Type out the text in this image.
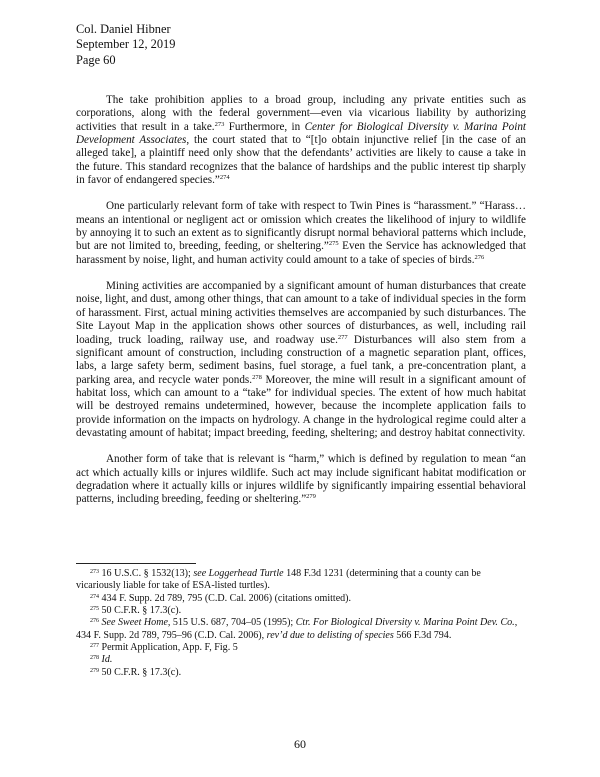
Col. Daniel Hibner
September 12, 2019
Page 60

The take prohibition applies to a broad group, including any private entities such as corporations, along with the federal government—even via vicarious liability by authorizing activities that result in a take.$^{273}$ Furthermore, in Center for Biological Diversity v. Marina Point Development Associates, the court stated that to “[t]o obtain injunctive relief [in the case of an alleged take], a plaintiff need only show that the defendants’ activities are likely to cause a take in the future. This standard recognizes that the balance of hardships and the public interest tip sharply in favor of endangered species.”$^{274}$

One particularly relevant form of take with respect to Twin Pines is “harassment.” “Harass… means an intentional or negligent act or omission which creates the likelihood of injury to wildlife by annoying it to such an extent as to significantly disrupt normal behavioral patterns which include, but are not limited to, breeding, feeding, or sheltering.”$^{275}$ Even the Service has acknowledged that harassment by noise, light, and human activity could amount to a take of species of birds.$^{276}$

Mining activities are accompanied by a significant amount of human disturbances that create noise, light, and dust, among other things, that can amount to a take of individual species in the form of harassment. First, actual mining activities themselves are accompanied by such disturbances. The Site Layout Map in the application shows other sources of disturbances, as well, including rail loading, truck loading, railway use, and roadway use.$^{277}$ Disturbances will also stem from a significant amount of construction, including construction of a magnetic separation plant, offices, labs, a large safety berm, sediment basins, fuel storage, a fuel tank, a pre-concentration plant, a parking area, and recycle water ponds.$^{278}$ Moreover, the mine will result in a significant amount of habitat loss, which can amount to a “take” for individual species. The extent of how much habitat will be destroyed remains undetermined, however, because the incomplete application fails to provide information on the impacts on hydrology. A change in the hydrological regime could alter a devastating amount of habitat; impact breeding, feeding, sheltering; and destroy habitat connectivity.

Another form of take that is relevant is “harm,” which is defined by regulation to mean “an act which actually kills or injures wildlife. Such act may include significant habitat modification or degradation where it actually kills or injures wildlife by significantly impairing essential behavioral patterns, including breeding, feeding or sheltering.”$^{279}$

$^{273}$ 16 U.S.C. § 1532(13); see Loggerhead Turtle 148 F.3d 1231 (determining that a county can be vicariously liable for take of ESA-listed turtles).
$^{274}$ 434 F. Supp. 2d 789, 795 (C.D. Cal. 2006) (citations omitted).
$^{275}$ 50 C.F.R. § 17.3(c).
$^{276}$ See Sweet Home, 515 U.S. 687, 704–05 (1995); Ctr. For Biological Diversity v. Marina Point Dev. Co., 434 F. Supp. 2d 789, 795–96 (C.D. Cal. 2006), rev’d due to delisting of species 566 F.3d 794.
$^{277}$ Permit Application, App. F, Fig. 5
$^{278}$ Id.
$^{279}$ 50 C.F.R. § 17.3(c).
60
